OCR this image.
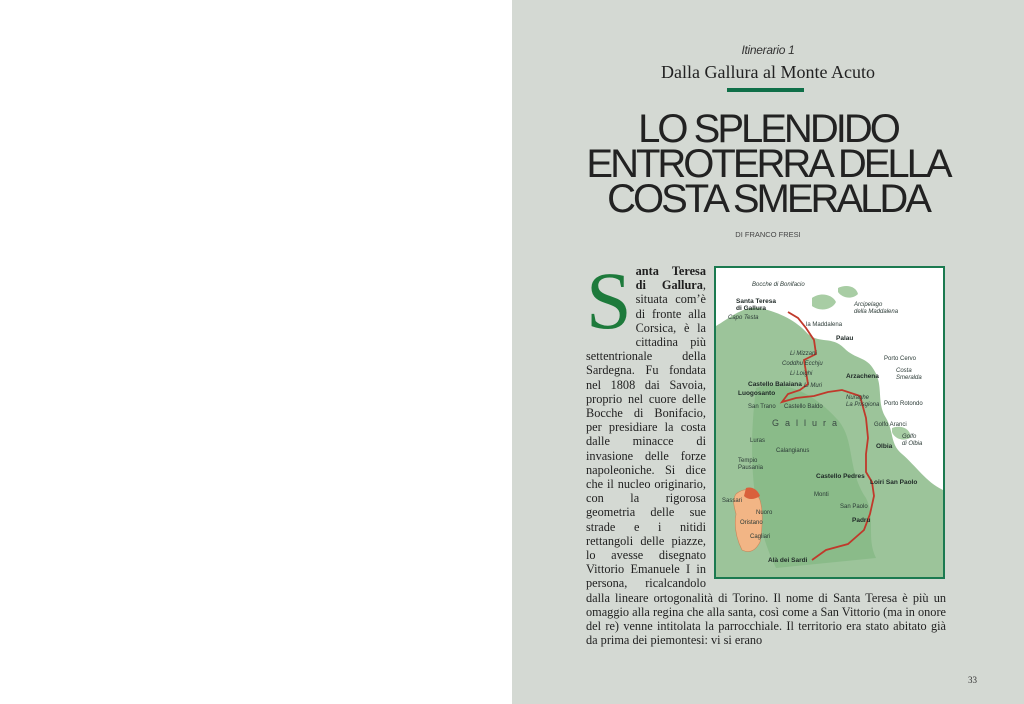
Itinerario 1
Dalla Gallura al Monte Acuto
LO SPLENDIDO
ENTROTERRA DELLA
COSTA SMERALDA
DI FRANCO FRESI
Santa Teresa di Gallura, situata com’è di fronte alla Corsica, è la cittadina più settentrionale della Sardegna. Fu fondata nel 1808 dai Savoia, proprio nel cuore delle Bocche di Bonifacio, per presidiare la costa dalle minacce di invasione delle forze napoleoniche. Si dice che il nucleo originario, con la rigorosa geometria delle sue strade e i nitidi rettangoli delle piazze, lo avesse disegnato Vittorio Emanuele I in persona, ricalcandolo dalla lineare ortogonalità di Torino. Il nome di Santa Teresa è più un omaggio alla regina che alla santa, così come a San Vittorio (ma in onore del re) venne intitolata la parrocchiale. Il territorio era stato abitato già da prima dei piemontesi: vi si erano
Bocche di Bonifacio
Santa Teresa
di Gallura
Capo Testa
Arcipelago
della Maddalena
la Maddalena
Palau
Li Mizzani
Coddhu Ecchju
Li Loighi
Li Muri
Arzachena
Porto Cervo
Costa
Smeralda
Castello Balaiana
Luogosanto
Nuraghe
La Prisgiona
San Trano Castello Baldo	Porto Rotondo
Gallura	Golfo Aranci
Golfo
di Olbia
Luras
Calangianus
Tempio
Pausania
Olbia
Castello Pedres
Loiri San Paolo
Monti
Sassari
Nuoro
Oristano
San Paolo
Padru
Cagliari
Alà dei Sardi
33
